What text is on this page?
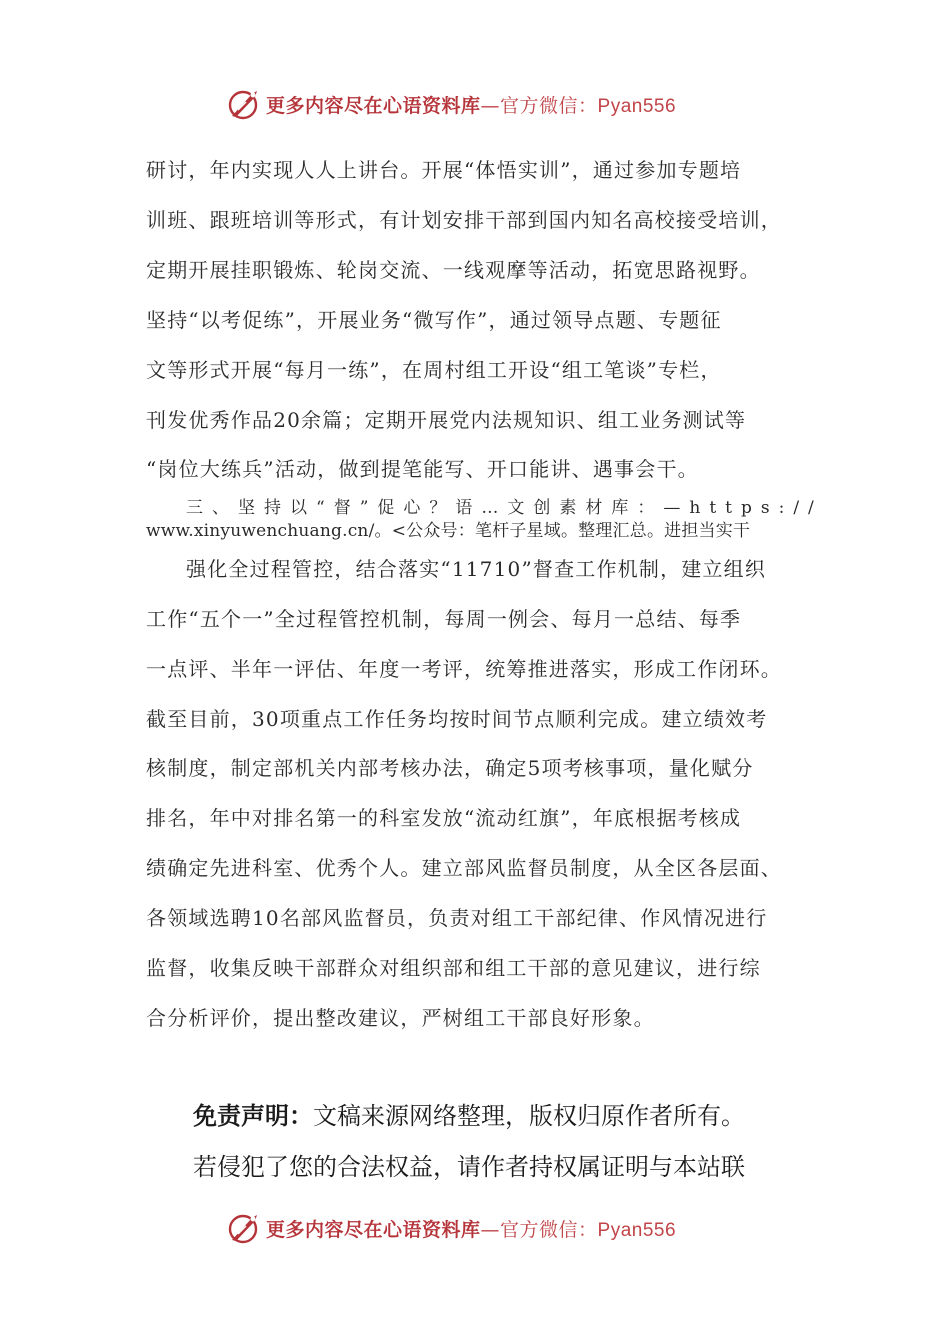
更多内容尽在心语资料库—官方微信：Pyan556
研讨，年内实现人人上讲台。开展“体悟实训”，通过参加专题培
训班、跟班培训等形式，有计划安排干部到国内知名高校接受培训，
定期开展挂职锻炼、轮岗交流、一线观摩等活动，拓宽思路视野。
坚持“以考促练”，开展业务“微写作”，通过领导点题、专题征
文等形式开展“每月一练”，在周村组工开设“组工笔谈”专栏，
刊发优秀作品20余篇；定期开展党内法规知识、组工业务测试等
“岗位大练兵”活动，做到提笔能写、开口能讲、遇事会干。
三、坚持以“督”促心？语…文创素材库：—https://
www.xinyuwenchuang.cn/。<公众号：笔杆子星域。整理汇总。进担当实干
强化全过程管控，结合落实“11710”督查工作机制，建立组织
工作“五个一”全过程管控机制，每周一例会、每月一总结、每季
一点评、半年一评估、年度一考评，统筹推进落实，形成工作闭环。
截至目前，30项重点工作任务均按时间节点顺利完成。建立绩效考
核制度，制定部机关内部考核办法，确定5项考核事项，量化赋分
排名，年中对排名第一的科室发放“流动红旗”，年底根据考核成
绩确定先进科室、优秀个人。建立部风监督员制度，从全区各层面、
各领域选聘10名部风监督员，负责对组工干部纪律、作风情况进行
监督，收集反映干部群众对组织部和组工干部的意见建议，进行综
合分析评价，提出整改建议，严树组工干部良好形象。
免责声明：文稿来源网络整理，版权归原作者所有。
若侵犯了您的合法权益，请作者持权属证明与本站联
更多内容尽在心语资料库—官方微信：Pyan556
